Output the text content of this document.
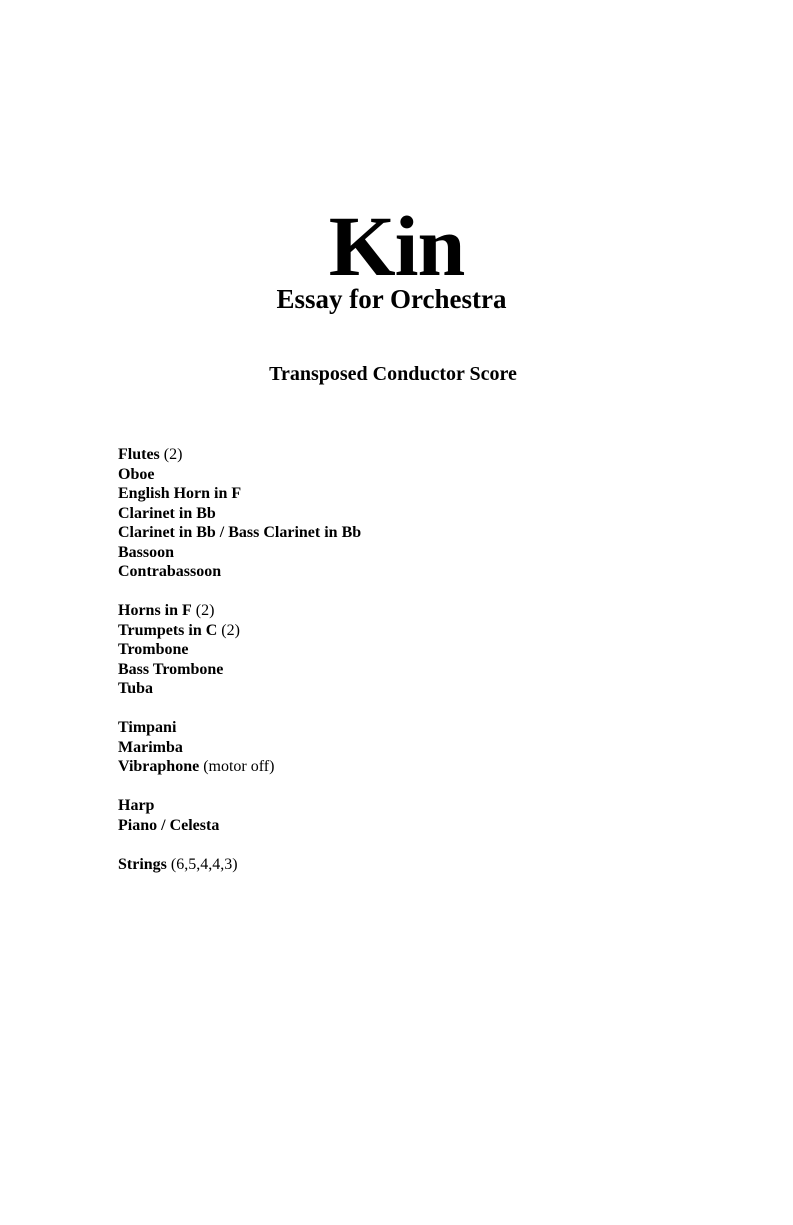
Kin
Essay for Orchestra
Transposed Conductor Score
Flutes (2)
Oboe
English Horn in F
Clarinet in Bb
Clarinet in Bb / Bass Clarinet in Bb
Bassoon
Contrabassoon
Horns in F (2)
Trumpets in C (2)
Trombone
Bass Trombone
Tuba
Timpani
Marimba
Vibraphone (motor off)
Harp
Piano / Celesta
Strings (6,5,4,4,3)
